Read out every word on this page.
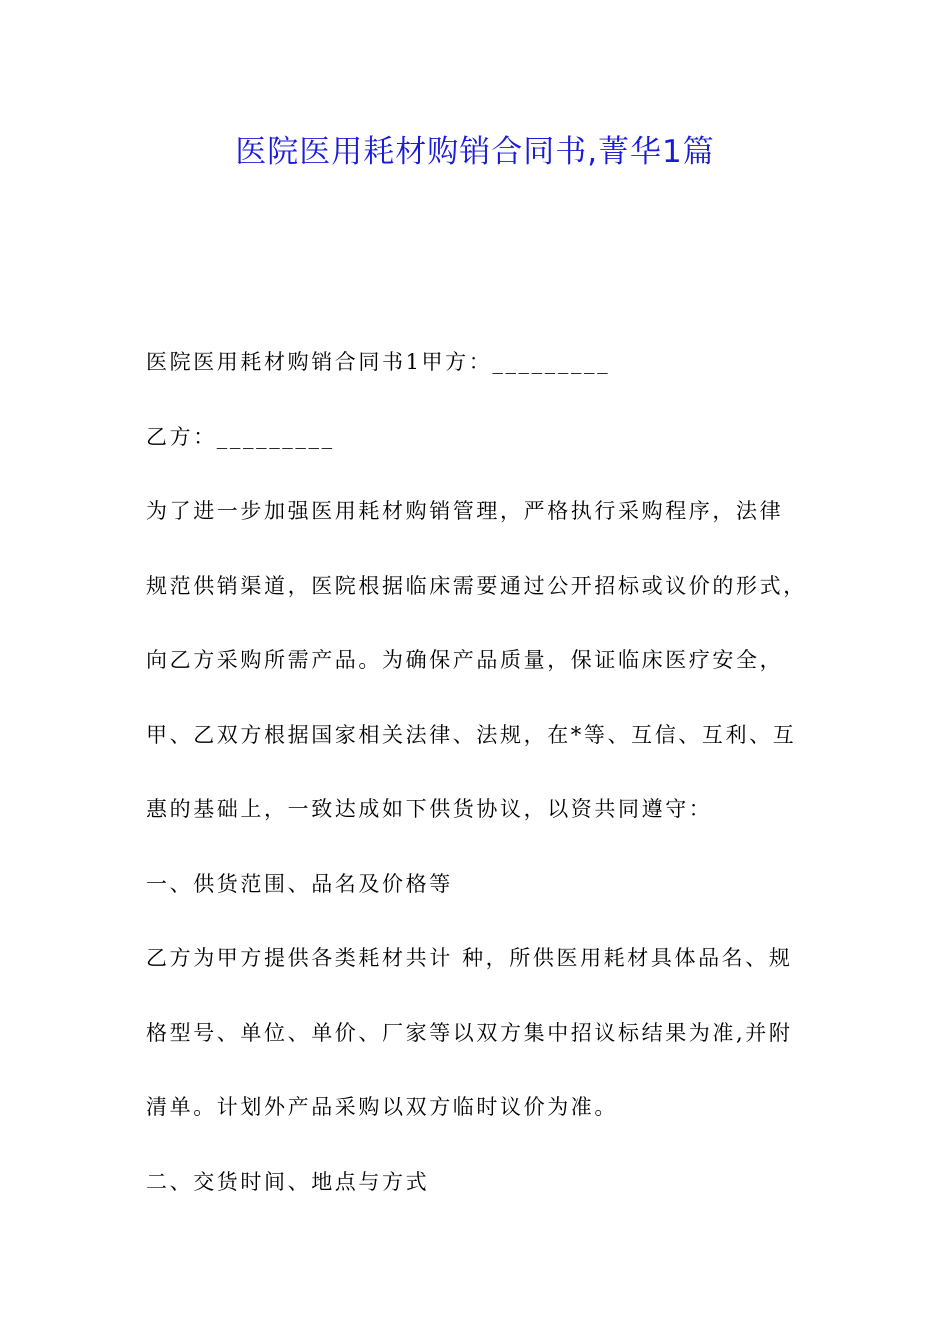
医院医用耗材购销合同书,菁华1篇
医院医用耗材购销合同书1甲方：_________
乙方：_________
为了进一步加强医用耗材购销管理，严格执行采购程序，法律
规范供销渠道，医院根据临床需要通过公开招标或议价的形式，
向乙方采购所需产品。为确保产品质量，保证临床医疗安全，
甲、乙双方根据国家相关法律、法规，在*等、互信、互利、互
惠的基础上，一致达成如下供货协议，以资共同遵守：
一、供货范围、品名及价格等
乙方为甲方提供各类耗材共计 种，所供医用耗材具体品名、规
格型号、单位、单价、厂家等以双方集中招议标结果为准,并附
清单。计划外产品采购以双方临时议价为准。
二、交货时间、地点与方式
